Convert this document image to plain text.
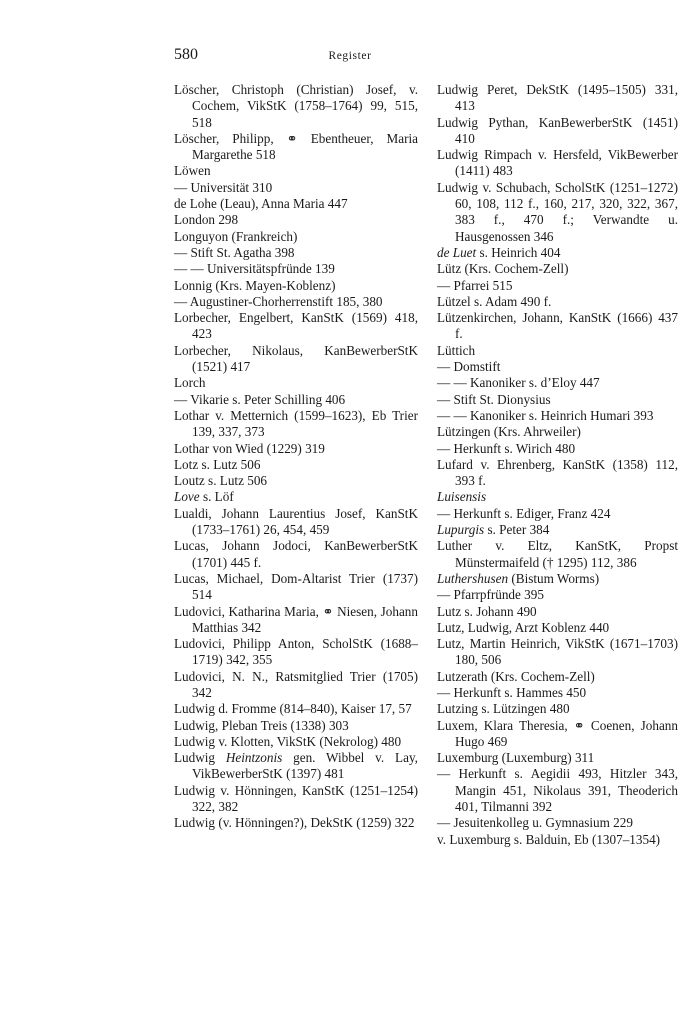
580	Register

Löscher, Christoph (Christian) Josef, v. Cochem, VikStK (1758–1764) 99, 515, 518

Löscher, Philipp, ⚭ Ebentheuer, Maria Margarethe 518

Löwen

— Universität 310

de Lohe (Leau), Anna Maria 447

London 298

Longuyon (Frankreich)

— Stift St. Agatha 398

— — Universitätspfründe 139

Lonnig (Krs. Mayen-Koblenz)

— Augustiner-Chorherrenstift 185, 380

Lorbecher, Engelbert, KanStK (1569) 418, 423

Lorbecher, Nikolaus, KanBewerberStK (1521) 417

Lorch

— Vikarie s. Peter Schilling 406

Lothar v. Metternich (1599–1623), Eb Trier 139, 337, 373

Lothar von Wied (1229) 319

Lotz s. Lutz 506

Loutz s. Lutz 506

Love s. Löf

Lualdi, Johann Laurentius Josef, KanStK (1733–1761) 26, 454, 459

Lucas, Johann Jodoci, KanBewerberStK (1701) 445 f.

Lucas, Michael, Dom-Altarist Trier (1737) 514

Ludovici, Katharina Maria, ⚭ Niesen, Johann Matthias 342

Ludovici, Philipp Anton, ScholStK (1688–1719) 342, 355

Ludovici, N. N., Ratsmitglied Trier (1705) 342

Ludwig d. Fromme (814–840), Kaiser 17, 57

Ludwig, Pleban Treis (1338) 303

Ludwig v. Klotten, VikStK (Nekrolog) 480

Ludwig Heintzonis gen. Wibbel v. Lay, VikBewerberStK (1397) 481

Ludwig v. Hönningen, KanStK (1251–1254) 322, 382

Ludwig (v. Hönningen?), DekStK (1259) 322

Ludwig Peret, DekStK (1495–1505) 331, 413

Ludwig Pythan, KanBewerberStK (1451) 410

Ludwig Rimpach v. Hersfeld, VikBewerber (1411) 483

Ludwig v. Schubach, ScholStK (1251–1272) 60, 108, 112 f., 160, 217, 320, 322, 367, 383 f., 470 f.; Verwandte u. Hausgenossen 346

de Luet s. Heinrich 404

Lütz (Krs. Cochem-Zell)

— Pfarrei 515

Lützel s. Adam 490 f.

Lützenkirchen, Johann, KanStK (1666) 437 f.

Lüttich

— Domstift

— — Kanoniker s. d’Eloy 447

— Stift St. Dionysius

— — Kanoniker s. Heinrich Humari 393

Lützingen (Krs. Ahrweiler)

— Herkunft s. Wirich 480

Lufard v. Ehrenberg, KanStK (1358) 112, 393 f.

Luisensis

— Herkunft s. Ediger, Franz 424

Lupurgis s. Peter 384

Luther v. Eltz, KanStK, Propst Münstermaifeld († 1295) 112, 386

Luthershusen (Bistum Worms)

— Pfarrpfründe 395

Lutz s. Johann 490

Lutz, Ludwig, Arzt Koblenz 440

Lutz, Martin Heinrich, VikStK (1671–1703) 180, 506

Lutzerath (Krs. Cochem-Zell)

— Herkunft s. Hammes 450

Lutzing s. Lützingen 480

Luxem, Klara Theresia, ⚭ Coenen, Johann Hugo 469

Luxemburg (Luxemburg) 311

— Herkunft s. Aegidii 493, Hitzler 343, Mangin 451, Nikolaus 391, Theoderich 401, Tilmanni 392

— Jesuitenkolleg u. Gymnasium 229

v. Luxemburg s. Balduin, Eb (1307–1354)
